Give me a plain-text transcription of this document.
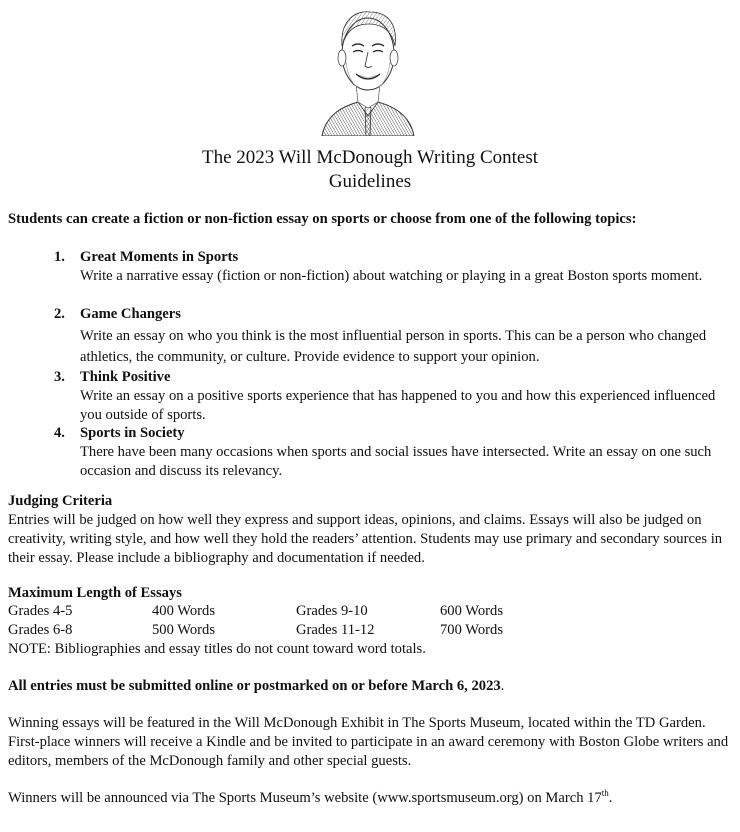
The 2023 Will McDonough Writing Contest
Guidelines
Students can create a fiction or non-fiction essay on sports or choose from one of the following topics:
1. Great Moments in Sports
Write a narrative essay (fiction or non-fiction) about watching or playing in a great Boston sports moment.
2. Game Changers
Write an essay on who you think is the most influential person in sports. This can be a person who changed athletics, the community, or culture. Provide evidence to support your opinion.
3. Think Positive
Write an essay on a positive sports experience that has happened to you and how this experienced influenced you outside of sports.
4. Sports in Society
There have been many occasions when sports and social issues have intersected. Write an essay on one such occasion and discuss its relevancy.
Judging Criteria
Entries will be judged on how well they express and support ideas, opinions, and claims. Essays will also be judged on creativity, writing style, and how well they hold the readers’ attention. Students may use primary and secondary sources in their essay. Please include a bibliography and documentation if needed.
Maximum Length of Essays
Grades 4-5	400 Words	Grades 9-10	600 Words
Grades 6-8	500 Words	Grades 11-12	700 Words
NOTE: Bibliographies and essay titles do not count toward word totals.
All entries must be submitted online or postmarked on or before March 6, 2023.
Winning essays will be featured in the Will McDonough Exhibit in The Sports Museum, located within the TD Garden. First-place winners will receive a Kindle and be invited to participate in an award ceremony with Boston Globe writers and editors, members of the McDonough family and other special guests.
Winners will be announced via The Sports Museum’s website (www.sportsmuseum.org) on March 17th.
